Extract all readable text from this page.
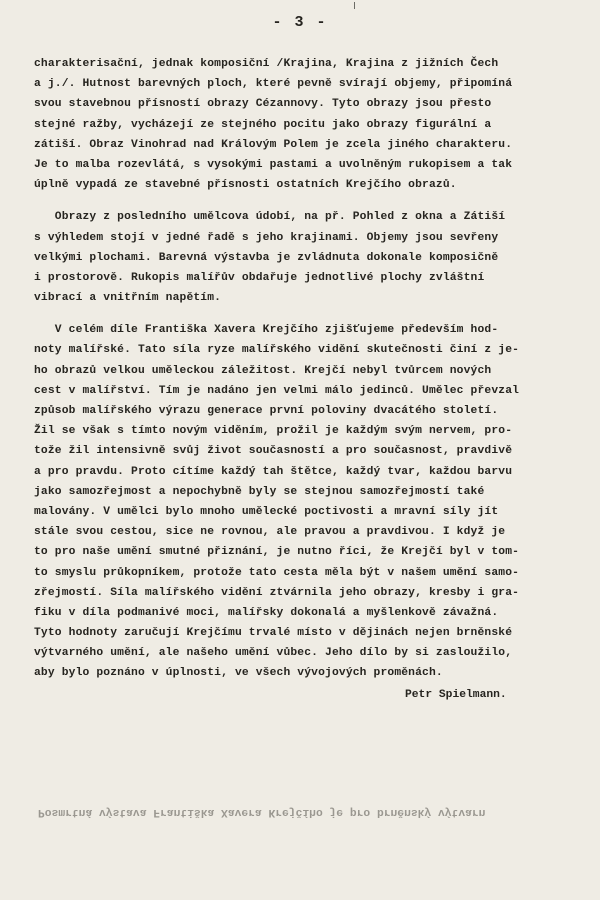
- 3 -
charakterisační, jednak komposiční /Krajina, Krajina z jižních Čech
a j./. Hutnost barevných ploch, které pevně svírají objemy, připomíná
svou stavebnou přísností obrazy Cézannovy. Tyto obrazy jsou přesto
stejné ražby, vycházejí ze stejného pocitu jako obrazy figurální a
zátiší. Obraz Vinohrad nad Královým Polem je zcela jiného charakteru.
Je to malba rozevlátá, s vysokými pastami a uvolněným rukopisem a tak
úplně vypadá ze stavebné přísnosti ostatních Krejčího obrazů.
Obrazy z posledního umělcova údobí, na př. Pohled z okna a Zátiší
s výhledem stojí v jedné řadě s jeho krajinami. Objemy jsou sevřeny
velkými plochami. Barevná výstavba je zvládnuta dokonale komposičně
i prostorově. Rukopis malířův obdařuje jednotlivé plochy zvláštní
vibrací a vnitřním napětím.
V celém díle Františka Xavera Krejčího zjišťujeme především hod-
noty malířské. Tato síla ryze malířského vidění skutečnosti činí z je-
ho obrazů velkou uměleckou záležitost. Krejčí nebyl tvůrcem nových
cest v malířství. Tím je nadáno jen velmi málo jedinců. Umělec převzal
způsob malířského výrazu generace první poloviny dvacátého století.
Žil se však s tímto novým viděním, prožil je každým svým nervem, pro-
tože žil intensivně svůj život současností a pro současnost, pravdivě
a pro pravdu. Proto cítíme každý tah štětce, každý tvar, každou barvu
jako samozřejmost a nepochybně byly se stejnou samozřejmostí také
malovány. V umělci bylo mnoho umělecké poctivosti a mravní síly jít
stále svou cestou, sice ne rovnou, ale pravou a pravdivou. I když je
to pro naše umění smutné přiznání, je nutno říci, že Krejčí byl v tom-
to smyslu průkopníkem, protože tato cesta měla být v našem umění samo-
zřejmostí. Síla malířského vidění ztvárnila jeho obrazy, kresby i gra-
fiku v díla podmanivé moci, malířsky dokonalá a myšlenkově závažná.
Tyto hodnoty zaručují Krejčímu trvalé místo v dějinách nejen brněnské
výtvarného umění, ale našeho umění vůbec. Jeho dílo by si zasloužilo,
aby bylo poznáno v úplnosti, ve všech vývojových proměnách.
Petr Spielmann.
Posmrtná výstava Františka Xavera Krejčího je pro brněnský výtvarn
